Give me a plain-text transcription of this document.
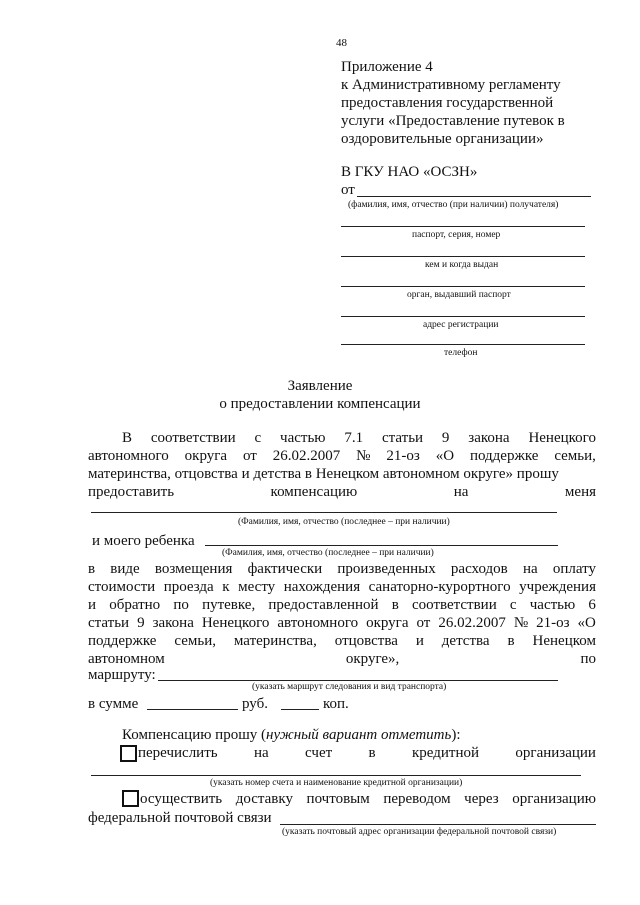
48
Приложение 4
к Административному регламенту
предоставления государственной
услуги «Предоставление путевок в
оздоровительные организации»
В ГКУ НАО «ОСЗН»
от
(фамилия, имя, отчество (при наличии) получателя)
паспорт, серия, номер
кем и когда выдан
орган, выдавший паспорт
адрес регистрации
телефон
Заявление
о предоставлении компенсации
В соответствии с частью 7.1 статьи 9 закона Ненецкого
автономного округа от 26.02.2007 № 21-оз «О поддержке семьи,
материнства, отцовства и детства в Ненецком автономном округе» прошу
предоставить	компенсацию	на	меня
(Фамилия, имя, отчество (последнее – при наличии)
и моего ребенка
(Фамилия, имя, отчество (последнее – при наличии)
в виде возмещения фактически произведенных расходов на оплату
стоимости проезда к месту нахождения санаторно-курортного учреждения
и обратно по путевке, предоставленной в соответствии с частью 6
статьи 9 закона Ненецкого автономного округа от 26.02.2007 № 21-оз «О
поддержке семьи, материнства, отцовства и детства в Ненецком
автономном	округе»,	по
маршруту:
(указать маршрут следования и вид транспорта)
в сумме	руб.	коп.
Компенсацию прошу (нужный вариант отметить):
перечислить на счет в кредитной организации
(указать номер счета и наименование кредитной организации)
осуществить доставку почтовым переводом через организацию
федеральной почтовой связи
(указать почтовый адрес организации федеральной почтовой связи)
